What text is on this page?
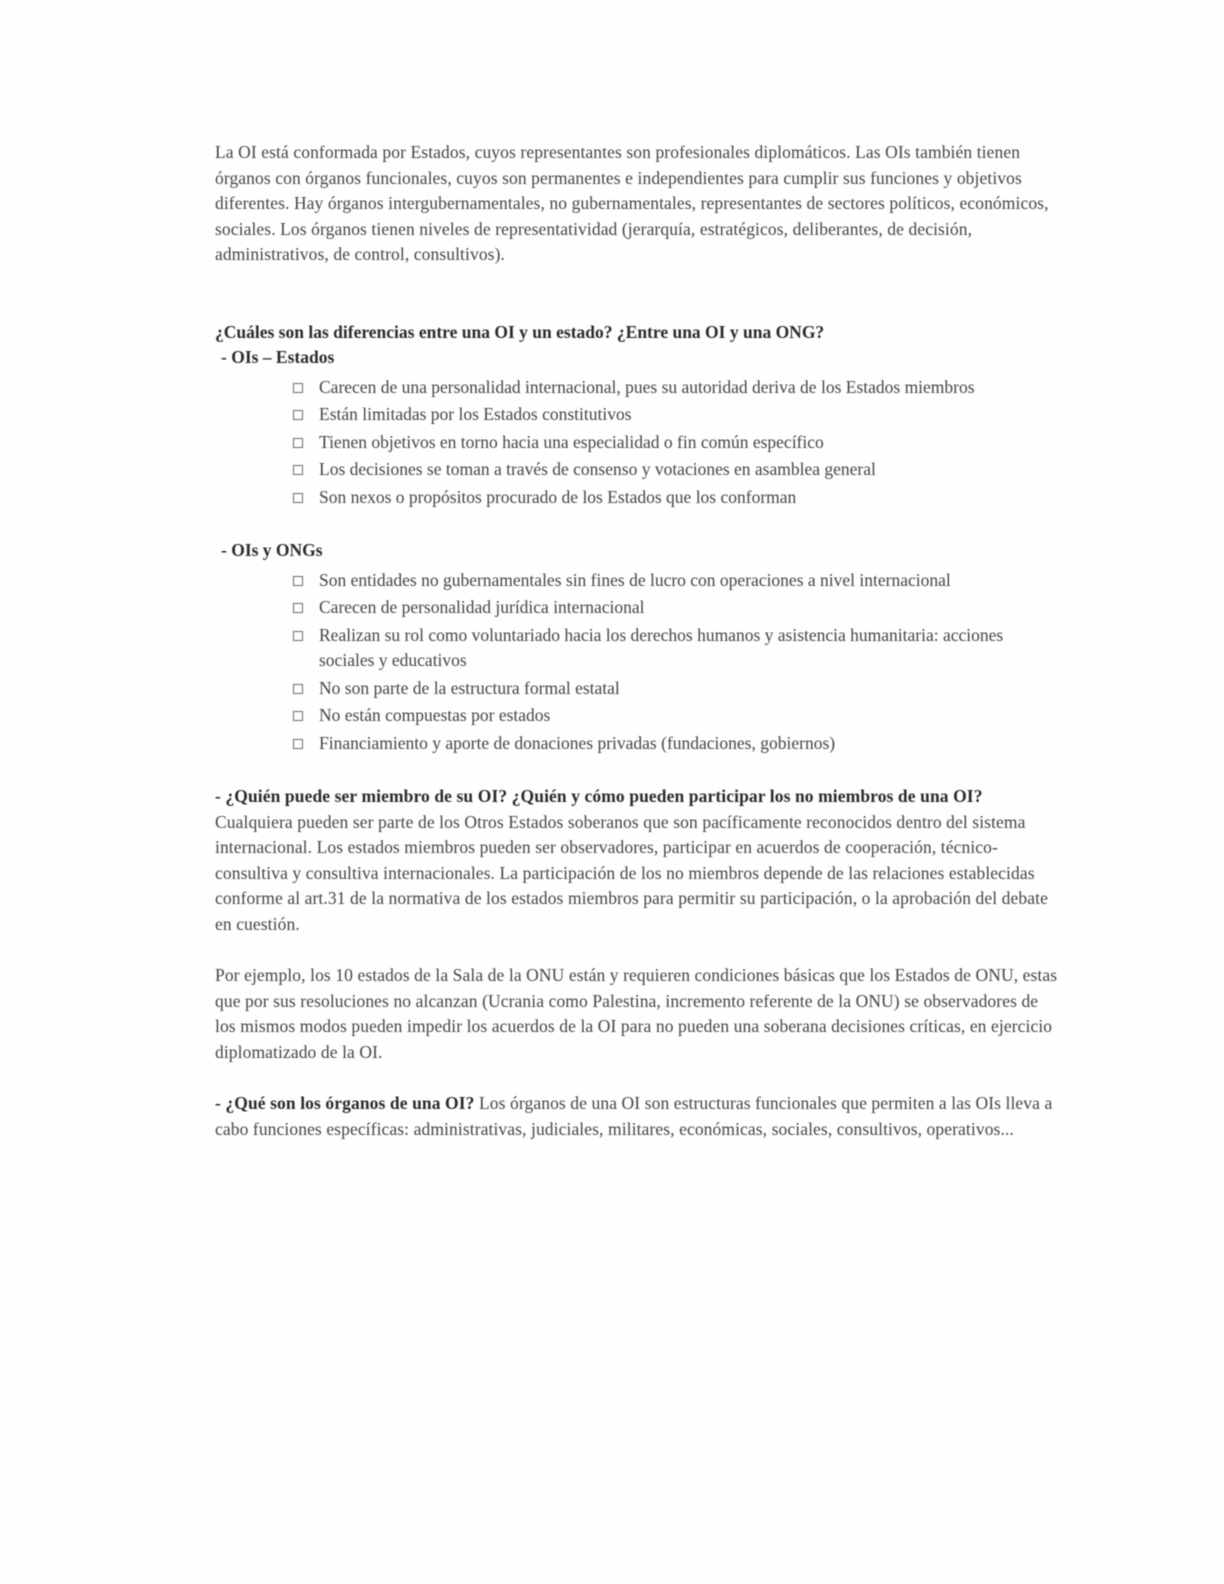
La OI está conformada por Estados, cuyos representantes son profesionales diplomáticos. Las OIs también tienen órganos con órganos funcionales, cuyos son permanentes e independientes para cumplir sus funciones y objetivos diferentes. Hay órganos intergubernamentales, no gubernamentales, representantes de sectores políticos, económicos, sociales. Los órganos tienen niveles de representatividad (jerarquía, estratégicos, deliberantes, de decisión, administrativos, de control, consultivos).

¿Cuáles son las diferencias entre una OI y un estado? ¿Entre una OI y una ONG?
- OIs – Estados
Carecen de una personalidad internacional, pues su autoridad deriva de los Estados miembros
Están limitadas por los Estados constitutivos
Tienen objetivos en torno hacia una especialidad o fin común específico
Los decisiones se toman a través de consenso y votaciones en asamblea general
Son nexos o propósitos procurado de los Estados que los conforman
- OIs y ONGs
Son entidades no gubernamentales sin fines de lucro con operaciones a nivel internacional
Carecen de personalidad jurídica internacional
Realizan su rol como voluntariado hacia los derechos humanos y asistencia humanitaria: acciones sociales y educativos
No son parte de la estructura formal estatal
No están compuestas por estados
Financiamiento y aporte de donaciones privadas (fundaciones, gobiernos)

- ¿Quién puede ser miembro de su OI? ¿Quién y cómo pueden participar los no miembros de una OI? Cualquiera pueden ser parte de los Otros Estados soberanos que son pacíficamente reconocidos dentro del sistema internacional. Los estados miembros pueden ser observadores, participar en acuerdos de cooperación, técnico-consultiva y consultiva internacionales. La participación de los no miembros depende de las relaciones establecidas conforme al art.31 de la normativa de los estados miembros para permitir su participación, o la aprobación del debate en cuestión.

Por ejemplo, los 10 estados de la Sala de la ONU están y requieren condiciones básicas que los Estados de ONU, estas que por sus resoluciones no alcanzan (Ucrania como Palestina, incremento referente de la ONU) se observadores de los mismos modos pueden impedir los acuerdos de la OI para no pueden una soberana decisiones críticas, en ejercicio diplomatizado de la OI.

- ¿Qué son los órganos de una OI? Los órganos de una OI son estructuras funcionales que permiten a las OIs lleva a cabo funciones específicas: administrativas, judiciales, militares, económicas, sociales, consultivos, operativos...
